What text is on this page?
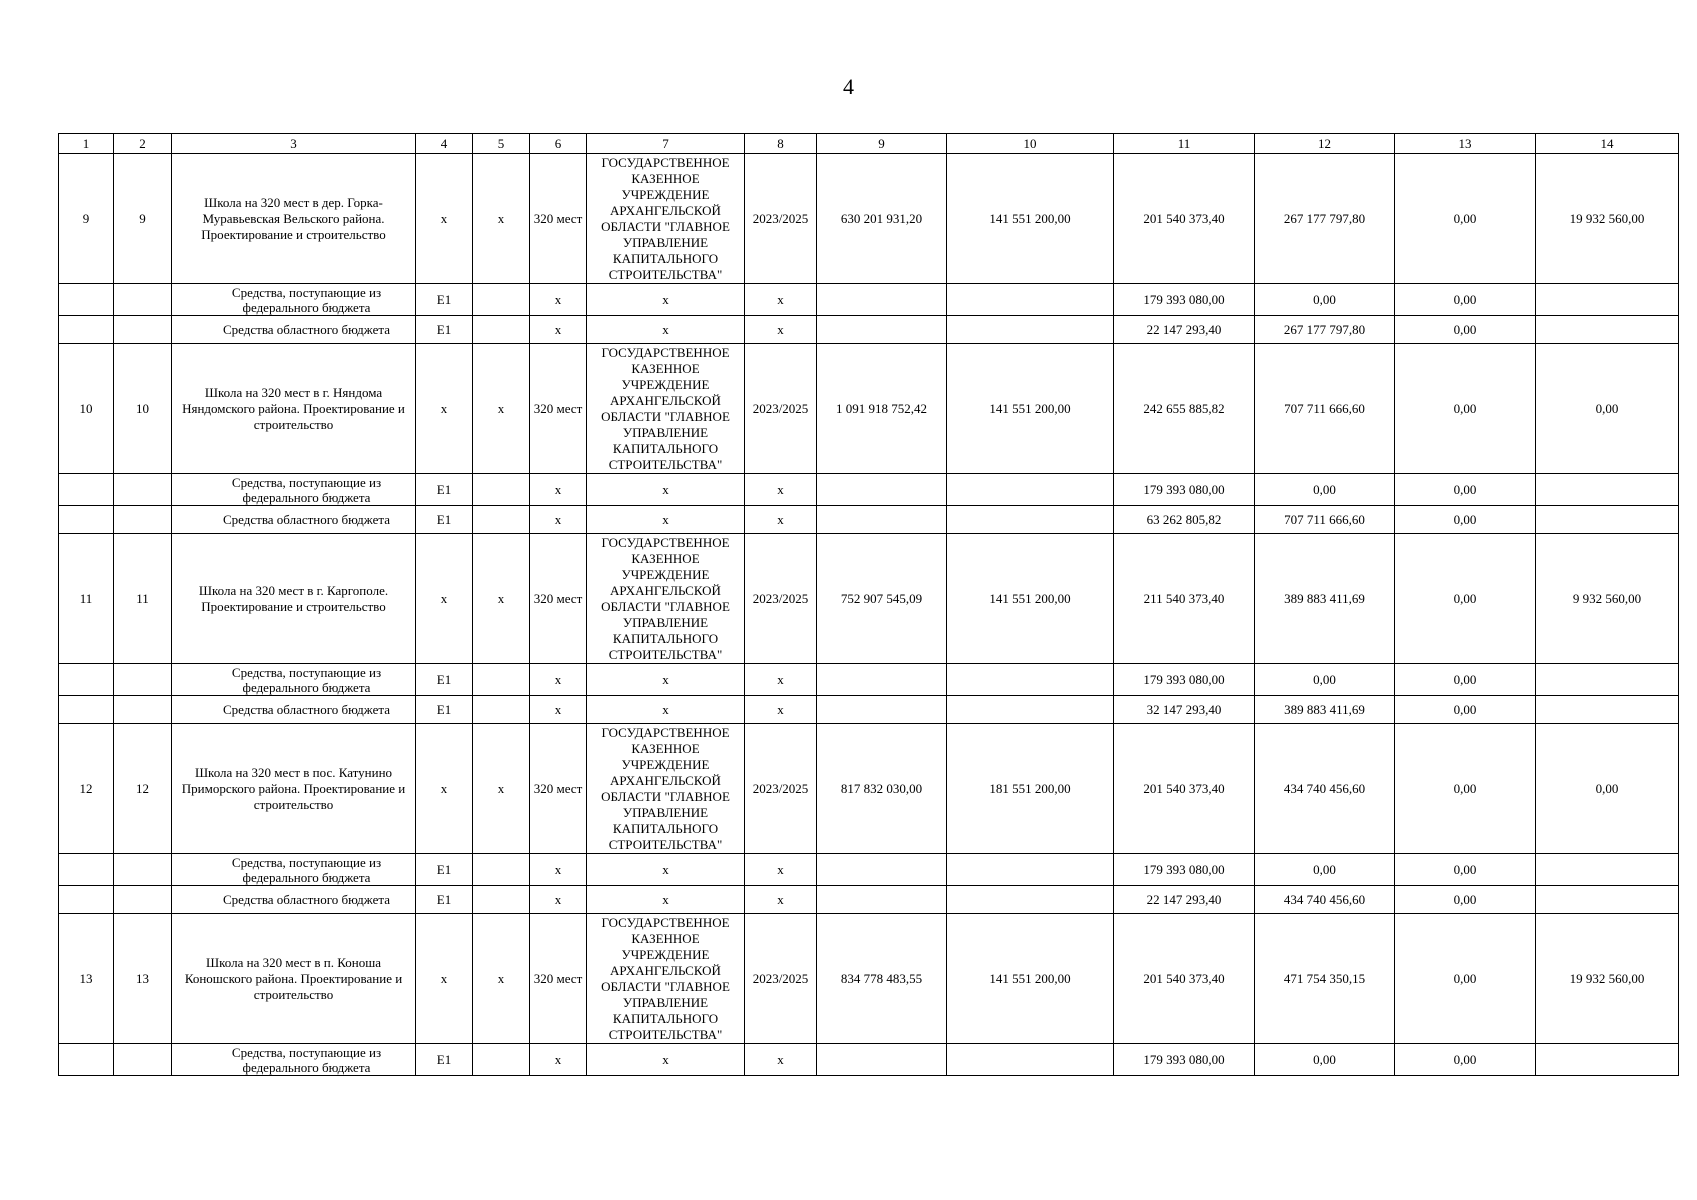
4
1	2	3	4	5	6	7	8	9	10	11	12	13	14
9	9	Школа на 320 мест в дер. Горка-Муравьевская Вельского района. Проектирование и строительство	x	x	320 мест	ГОСУДАРСТВЕННОЕ КАЗЕННОЕ УЧРЕЖДЕНИЕ АРХАНГЕЛЬСКОЙ ОБЛАСТИ "ГЛАВНОЕ УПРАВЛЕНИЕ КАПИТАЛЬНОГО СТРОИТЕЛЬСТВА"	2023/2025	630 201 931,20	141 551 200,00	201 540 373,40	267 177 797,80	0,00	19 932 560,00

		Средства, поступающие из федерального бюджета	Е1		x	x	x			179 393 080,00	0,00	0,00	

		Средства областного бюджета	Е1		x	x	x			22 147 293,40	267 177 797,80	0,00	
10	10	Школа на 320 мест в г. Няндома Няндомского района. Проектирование и строительство	x	x	320 мест	ГОСУДАРСТВЕННОЕ КАЗЕННОЕ УЧРЕЖДЕНИЕ АРХАНГЕЛЬСКОЙ ОБЛАСТИ "ГЛАВНОЕ УПРАВЛЕНИЕ КАПИТАЛЬНОГО СТРОИТЕЛЬСТВА"	2023/2025	1 091 918 752,42	141 551 200,00	242 655 885,82	707 711 666,60	0,00	0,00

		Средства, поступающие из федерального бюджета	Е1		x	x	x			179 393 080,00	0,00	0,00	

		Средства областного бюджета	Е1		x	x	x			63 262 805,82	707 711 666,60	0,00	
11	11	Школа на 320 мест в г. Каргополе. Проектирование и строительство	x	x	320 мест	ГОСУДАРСТВЕННОЕ КАЗЕННОЕ УЧРЕЖДЕНИЕ АРХАНГЕЛЬСКОЙ ОБЛАСТИ "ГЛАВНОЕ УПРАВЛЕНИЕ КАПИТАЛЬНОГО СТРОИТЕЛЬСТВА"	2023/2025	752 907 545,09	141 551 200,00	211 540 373,40	389 883 411,69	0,00	9 932 560,00

		Средства, поступающие из федерального бюджета	Е1		x	x	x			179 393 080,00	0,00	0,00	

		Средства областного бюджета	Е1		x	x	x			32 147 293,40	389 883 411,69	0,00	
12	12	Школа на 320 мест в пос. Катунино Приморского района. Проектирование и строительство	x	x	320 мест	ГОСУДАРСТВЕННОЕ КАЗЕННОЕ УЧРЕЖДЕНИЕ АРХАНГЕЛЬСКОЙ ОБЛАСТИ "ГЛАВНОЕ УПРАВЛЕНИЕ КАПИТАЛЬНОГО СТРОИТЕЛЬСТВА"	2023/2025	817 832 030,00	181 551 200,00	201 540 373,40	434 740 456,60	0,00	0,00

		Средства, поступающие из федерального бюджета	Е1		x	x	x			179 393 080,00	0,00	0,00	

		Средства областного бюджета	Е1		x	x	x			22 147 293,40	434 740 456,60	0,00	
13	13	Школа на 320 мест в п. Коноша Коношского района. Проектирование и строительство	x	x	320 мест	ГОСУДАРСТВЕННОЕ КАЗЕННОЕ УЧРЕЖДЕНИЕ АРХАНГЕЛЬСКОЙ ОБЛАСТИ "ГЛАВНОЕ УПРАВЛЕНИЕ КАПИТАЛЬНОГО СТРОИТЕЛЬСТВА"	2023/2025	834 778 483,55	141 551 200,00	201 540 373,40	471 754 350,15	0,00	19 932 560,00

		Средства, поступающие из федерального бюджета	Е1		x	x	x			179 393 080,00	0,00	0,00	
